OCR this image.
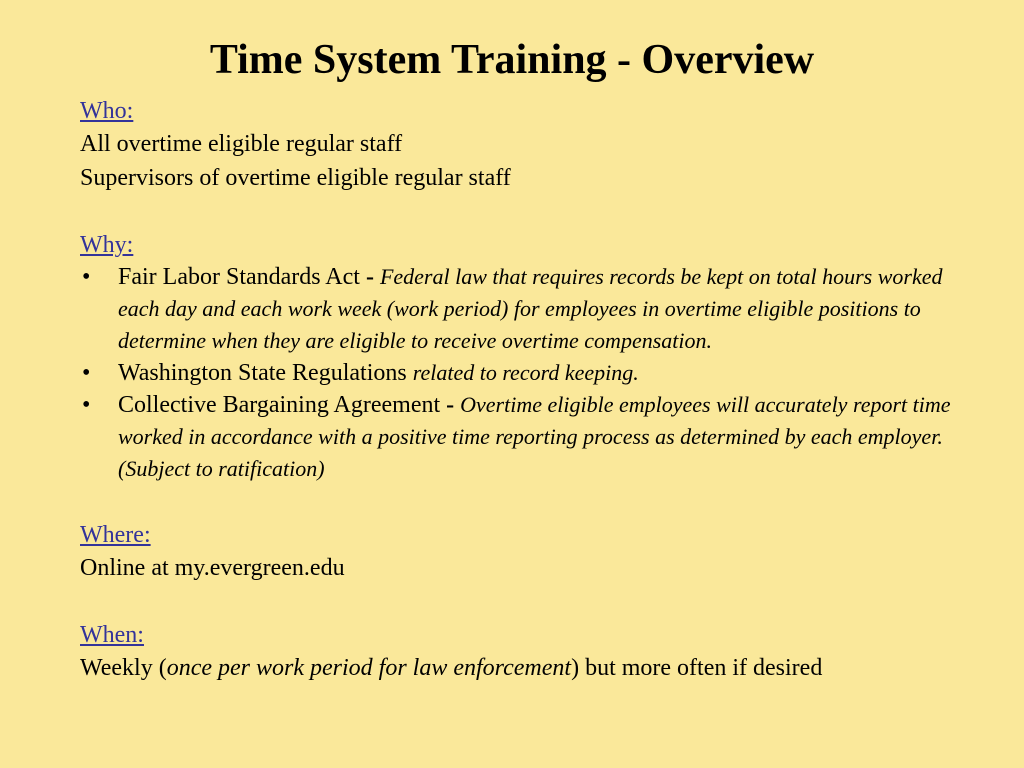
Time System Training - Overview
Who:
All overtime eligible regular staff
Supervisors of overtime eligible regular staff
Why:
• Fair Labor Standards Act - Federal law that requires records be kept on total hours worked each day and each work week (work period) for employees in overtime eligible positions to determine when they are eligible to receive overtime compensation.
• Washington State Regulations related to record keeping.
• Collective Bargaining Agreement - Overtime eligible employees will accurately report time worked in accordance with a positive time reporting process as determined by each employer. (Subject to ratification)
Where:
Online at my.evergreen.edu
When:
Weekly (once per work period for law enforcement) but more often if desired
